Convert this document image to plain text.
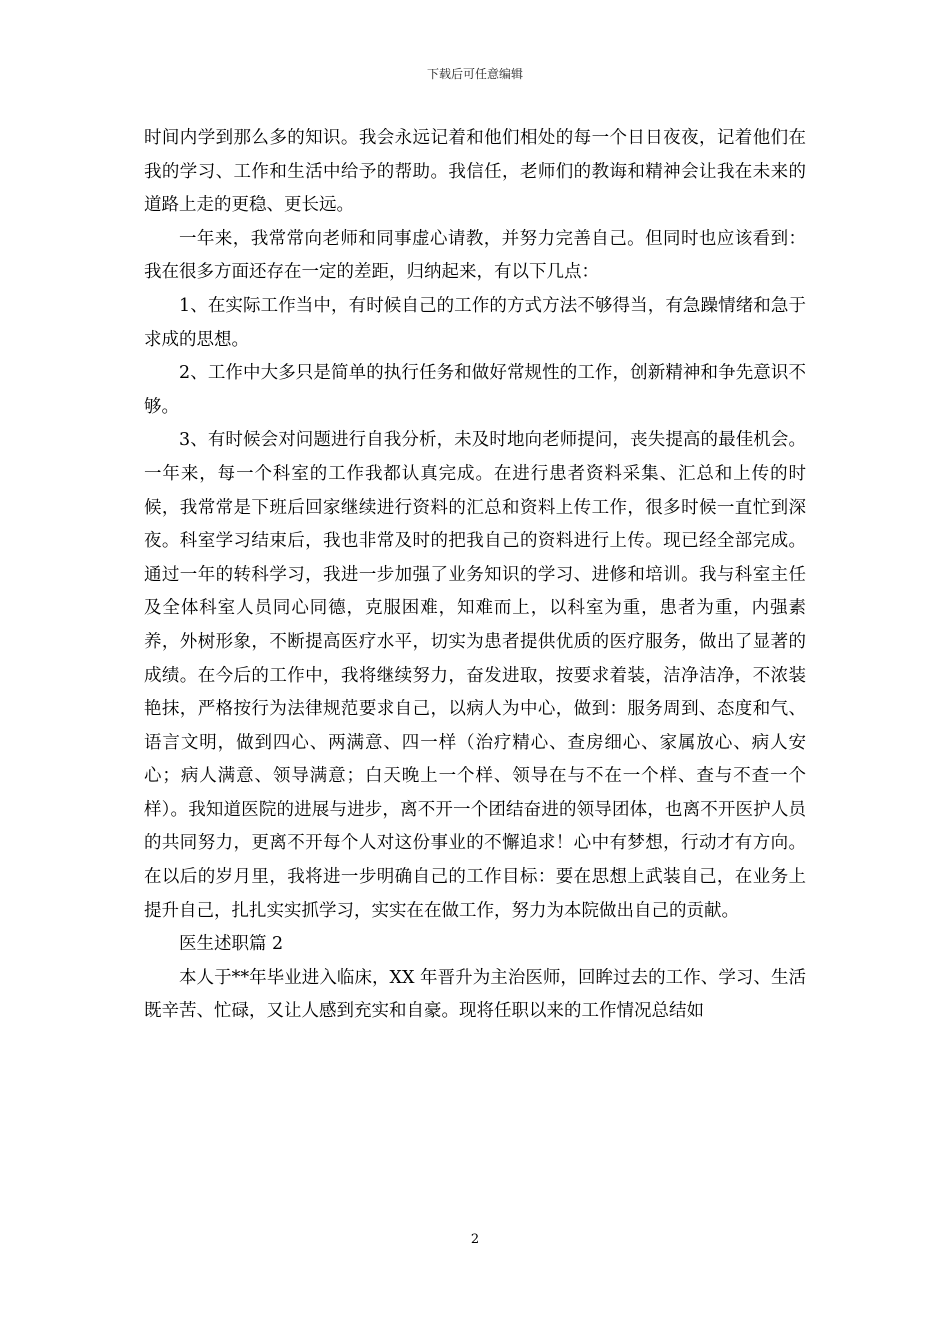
下载后可任意编辑

时间内学到那么多的知识。我会永远记着和他们相处的每一个日日夜夜，记着他们在我的学习、工作和生活中给予的帮助。我信任，老师们的教诲和精神会让我在未来的道路上走的更稳、更长远。

一年来，我常常向老师和同事虚心请教，并努力完善自己。但同时也应该看到：我在很多方面还存在一定的差距，归纳起来，有以下几点：

1、在实际工作当中，有时候自己的工作的方式方法不够得当，有急躁情绪和急于求成的思想。

2、工作中大多只是简单的执行任务和做好常规性的工作，创新精神和争先意识不够。

3、有时候会对问题进行自我分析，未及时地向老师提问，丧失提高的最佳机会。一年来，每一个科室的工作我都认真完成。在进行患者资料采集、汇总和上传的时候，我常常是下班后回家继续进行资料的汇总和资料上传工作，很多时候一直忙到深夜。科室学习结束后，我也非常及时的把我自己的资料进行上传。现已经全部完成。通过一年的转科学习，我进一步加强了业务知识的学习、进修和培训。我与科室主任及全体科室人员同心同德，克服困难，知难而上，以科室为重，患者为重，内强素养，外树形象，不断提高医疗水平，切实为患者提供优质的医疗服务，做出了显著的成绩。在今后的工作中，我将继续努力，奋发进取，按要求着装，洁净洁净，不浓装艳抹，严格按行为法律规范要求自己，以病人为中心，做到：服务周到、态度和气、语言文明，做到四心、两满意、四一样（治疗精心、查房细心、家属放心、病人安心；病人满意、领导满意；白天晚上一个样、领导在与不在一个样、查与不查一个样）。我知道医院的进展与进步，离不开一个团结奋进的领导团体，也离不开医护人员的共同努力，更离不开每个人对这份事业的不懈追求！心中有梦想，行动才有方向。在以后的岁月里，我将进一步明确自己的工作目标：要在思想上武装自己，在业务上提升自己，扎扎实实抓学习，实实在在做工作，努力为本院做出自己的贡献。

医生述职篇 2

本人于**年毕业进入临床，XX 年晋升为主治医师，回眸过去的工作、学习、生活既辛苦、忙碌，又让人感到充实和自豪。现将任职以来的工作情况总结如

2
